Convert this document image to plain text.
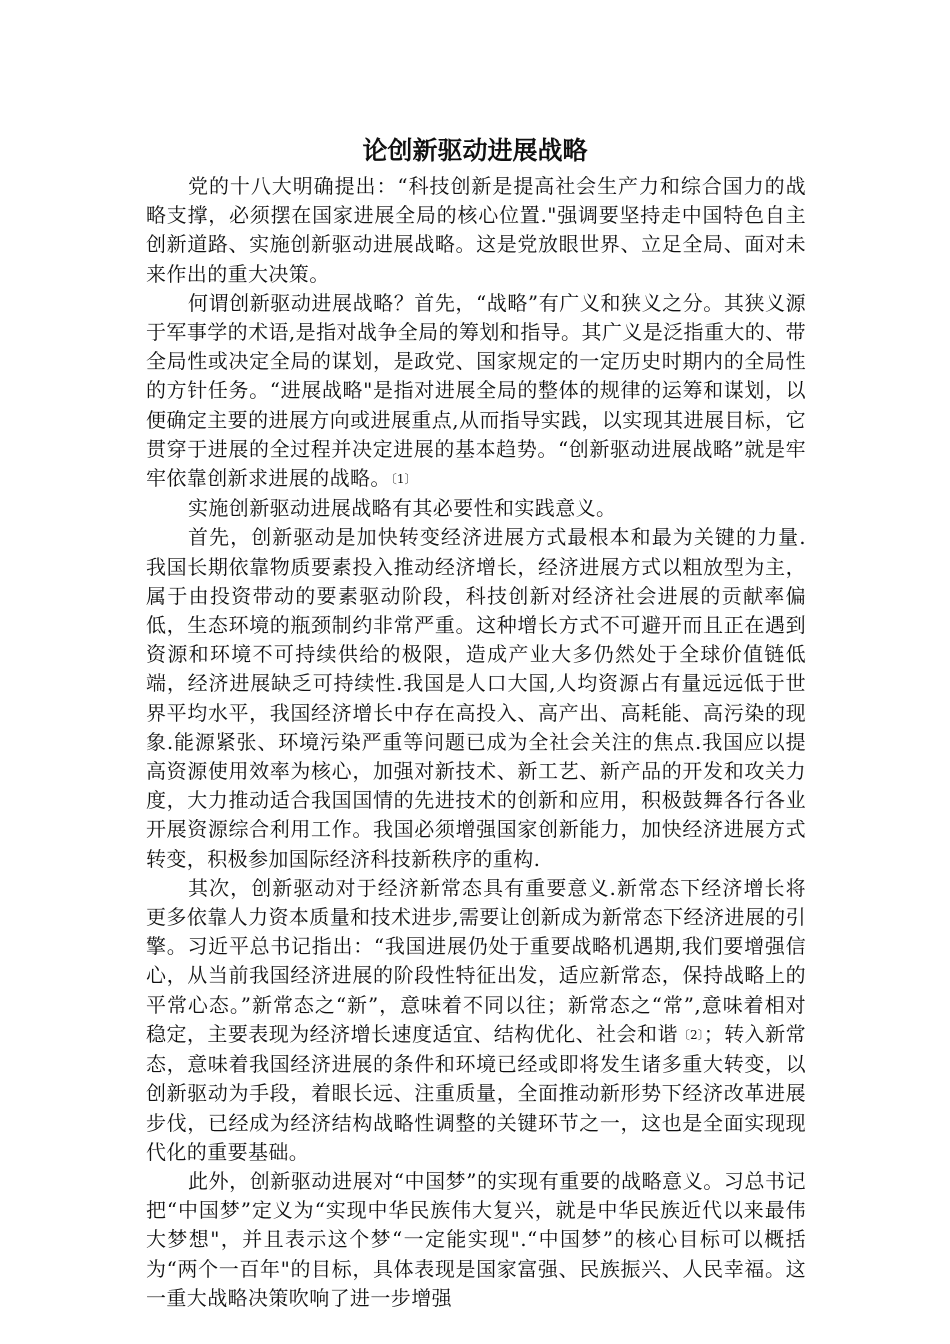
论创新驱动进展战略

党的十八大明确提出：“科技创新是提高社会生产力和综合国力的战略支撑，必须摆在国家进展全局的核心位置."强调要坚持走中国特色自主创新道路、实施创新驱动进展战略。这是党放眼世界、立足全局、面对未来作出的重大决策。

何谓创新驱动进展战略？首先，“战略”有广义和狭义之分。其狭义源于军事学的术语,是指对战争全局的筹划和指导。其广义是泛指重大的、带全局性或决定全局的谋划，是政党、国家规定的一定历史时期内的全局性的方针任务。“进展战略"是指对进展全局的整体的规律的运筹和谋划，以便确定主要的进展方向或进展重点,从而指导实践，以实现其进展目标，它贯穿于进展的全过程并决定进展的基本趋势。“创新驱动进展战略”就是牢牢依靠创新求进展的战略。〔1〕

实施创新驱动进展战略有其必要性和实践意义。

首先，创新驱动是加快转变经济进展方式最根本和最为关键的力量.我国长期依靠物质要素投入推动经济增长，经济进展方式以粗放型为主，属于由投资带动的要素驱动阶段，科技创新对经济社会进展的贡献率偏低，生态环境的瓶颈制约非常严重。这种增长方式不可避开而且正在遇到资源和环境不可持续供给的极限，造成产业大多仍然处于全球价值链低端，经济进展缺乏可持续性.我国是人口大国,人均资源占有量远远低于世界平均水平，我国经济增长中存在高投入、高产出、高耗能、高污染的现象.能源紧张、环境污染严重等问题已成为全社会关注的焦点.我国应以提高资源使用效率为核心，加强对新技术、新工艺、新产品的开发和攻关力度，大力推动适合我国国情的先进技术的创新和应用，积极鼓舞各行各业开展资源综合利用工作。我国必须增强国家创新能力，加快经济进展方式转变，积极参加国际经济科技新秩序的重构.

其次，创新驱动对于经济新常态具有重要意义.新常态下经济增长将更多依靠人力资本质量和技术进步,需要让创新成为新常态下经济进展的引擎。习近平总书记指出：“我国进展仍处于重要战略机遇期,我们要增强信心，从当前我国经济进展的阶段性特征出发，适应新常态，保持战略上的平常心态。”新常态之“新”，意味着不同以往；新常态之“常”,意味着相对稳定，主要表现为经济增长速度适宜、结构优化、社会和谐〔2〕；转入新常态，意味着我国经济进展的条件和环境已经或即将发生诸多重大转变，以创新驱动为手段，着眼长远、注重质量，全面推动新形势下经济改革进展步伐，已经成为经济结构战略性调整的关键环节之一，这也是全面实现现代化的重要基础。

此外，创新驱动进展对“中国梦”的实现有重要的战略意义。习总书记把“中国梦”定义为“实现中华民族伟大复兴，就是中华民族近代以来最伟大梦想"，并且表示这个梦“一定能实现".“中国梦”的核心目标可以概括为“两个一百年"的目标，具体表现是国家富强、民族振兴、人民幸福。这一重大战略决策吹响了进一步增强
